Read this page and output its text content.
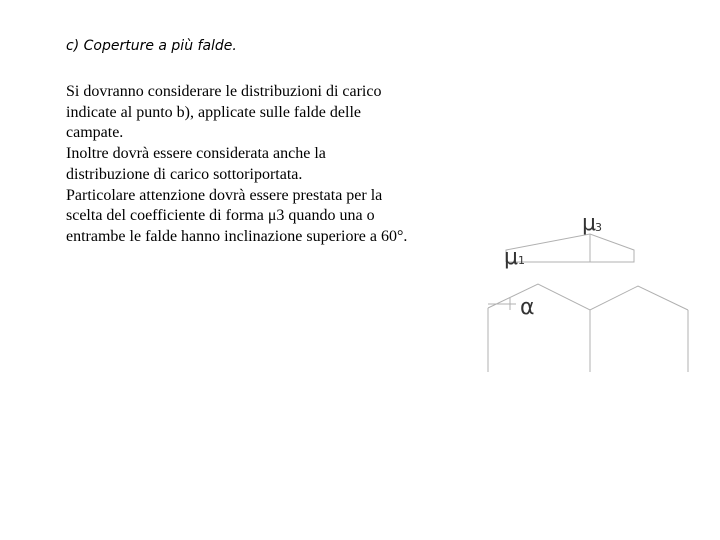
c) Coperture a più falde.
Si dovranno considerare le distribuzioni di carico
indicate al punto b), applicate sulle falde delle
campate.
Inoltre dovrà essere considerata anche la
distribuzione di carico sottoriportata.
Particolare attenzione dovrà essere prestata per la
scelta del coefficiente di forma μ3 quando una o
entrambe le falde hanno inclinazione superiore a 60°.
μ 3
μ 1
α
